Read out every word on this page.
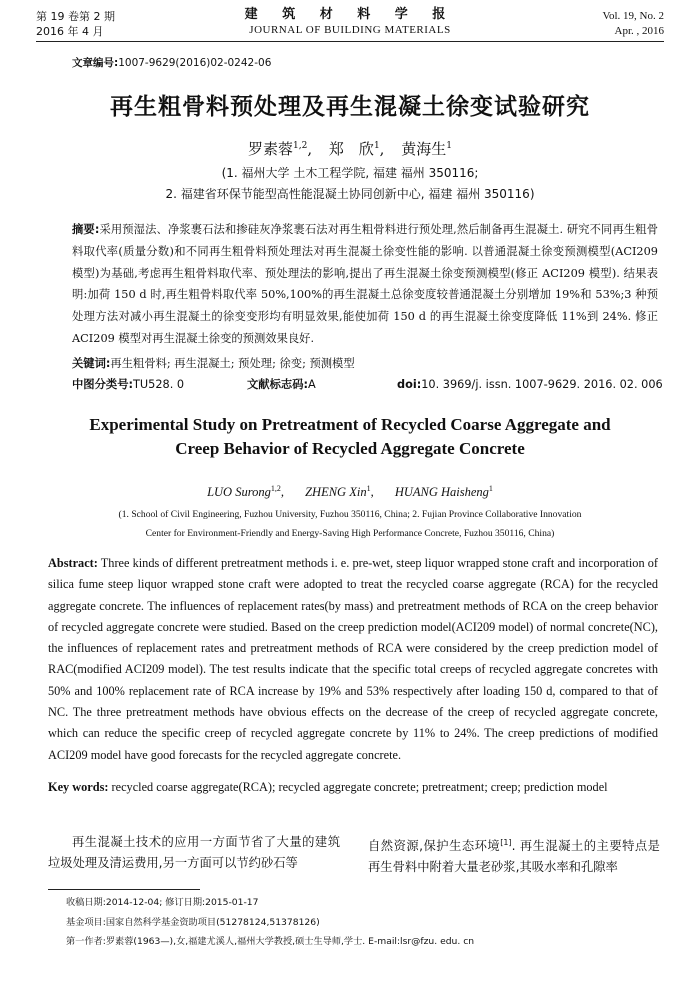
第 19 卷第 2 期
2016 年 4 月
建 筑 材 料 学 报
JOURNAL OF BUILDING MATERIALS
Vol. 19, No. 2
Apr. , 2016
文章编号:1007-9629(2016)02-0242-06
再生粗骨料预处理及再生混凝土徐变试验研究
罗素蓉$^{1,2}$, 郑　欣$^1$, 黄海生$^1$
(1. 福州大学 土木工程学院, 福建 福州 350116;
2. 福建省环保节能型高性能混凝土协同创新中心, 福建 福州 350116)
摘要:采用预湿法、净浆裹石法和掺硅灰净浆裹石法对再生粗骨料进行预处理,然后制备再生混凝土. 研究不同再生粗骨料取代率(质量分数)和不同再生粗骨料预处理法对再生混凝土徐变性能的影响. 以普通混凝土徐变预测模型(ACI209 模型)为基础,考虑再生粗骨料取代率、预处理法的影响,提出了再生混凝土徐变预测模型(修正 ACI209 模型). 结果表明:加荷 150 d 时,再生粗骨料取代率 50%,100%的再生混凝土总徐变度较普通混凝土分别增加 19%和 53%;3 种预处理方法对减小再生混凝土的徐变变形均有明显效果,能使加荷 150 d 的再生混凝土徐变度降低 11%到 24%. 修正 ACI209 模型对再生混凝土徐变的预测效果良好.
关键词:再生粗骨料; 再生混凝土; 预处理; 徐变; 预测模型
中图分类号: TU528. 0	文献标志码: A	doi: 10. 3969/j. issn. 1007-9629. 2016. 02. 006
Experimental Study on Pretreatment of Recycled Coarse Aggregate and
Creep Behavior of Recycled Aggregate Concrete
LUO Surong$^{1,2}$, ZHENG Xin$^1$, HUANG Haisheng$^1$
(1. School of Civil Engineering, Fuzhou University, Fuzhou 350116, China; 2. Fujian Province Collaborative Innovation
Center for Environment-Friendly and Energy-Saving High Performance Concrete, Fuzhou 350116, China)
Abstract: Three kinds of different pretreatment methods i. e. pre-wet, steep liquor wrapped stone craft and incorporation of silica fume steep liquor wrapped stone craft were adopted to treat the recycled coarse aggregate (RCA) for the recycled aggregate concrete. The influences of replacement rates(by mass) and pretreatment methods of RCA on the creep behavior of recycled aggregate concrete were studied. Based on the creep prediction model(ACI209 model) of normal concrete(NC), the influences of replacement rates and pretreatment methods of RCA were considered by the creep prediction model of RAC(modified ACI209 model). The test results indicate that the specific total creeps of recycled aggregate concretes with 50% and 100% replacement rate of RCA increase by 19% and 53% respectively after loading 150 d, compared to that of NC. The three pretreatment methods have obvious effects on the decrease of the creep of recycled aggregate concrete, which can reduce the specific creep of recycled aggregate concrete by 11% to 24%. The creep predictions of modified ACI209 model have good forecasts for the recycled aggregate concrete.
Key words: recycled coarse aggregate(RCA); recycled aggregate concrete; pretreatment; creep; prediction model
再生混凝土技术的应用一方面节省了大量的建筑垃圾处理及清运费用,另一方面可以节约砂石等
自然资源,保护生态环境[1]. 再生混凝土的主要特点是再生骨料中附着大量老砂浆,其吸水率和孔隙率
收稿日期:2014-12-04; 修订日期:2015-01-17
基金项目:国家自然科学基金资助项目(51278124,51378126)
第一作者:罗素蓉(1963—),女,福建尤溪人,福州大学教授,硕士生导师,学士. E-mail:lsr@fzu. edu. cn
